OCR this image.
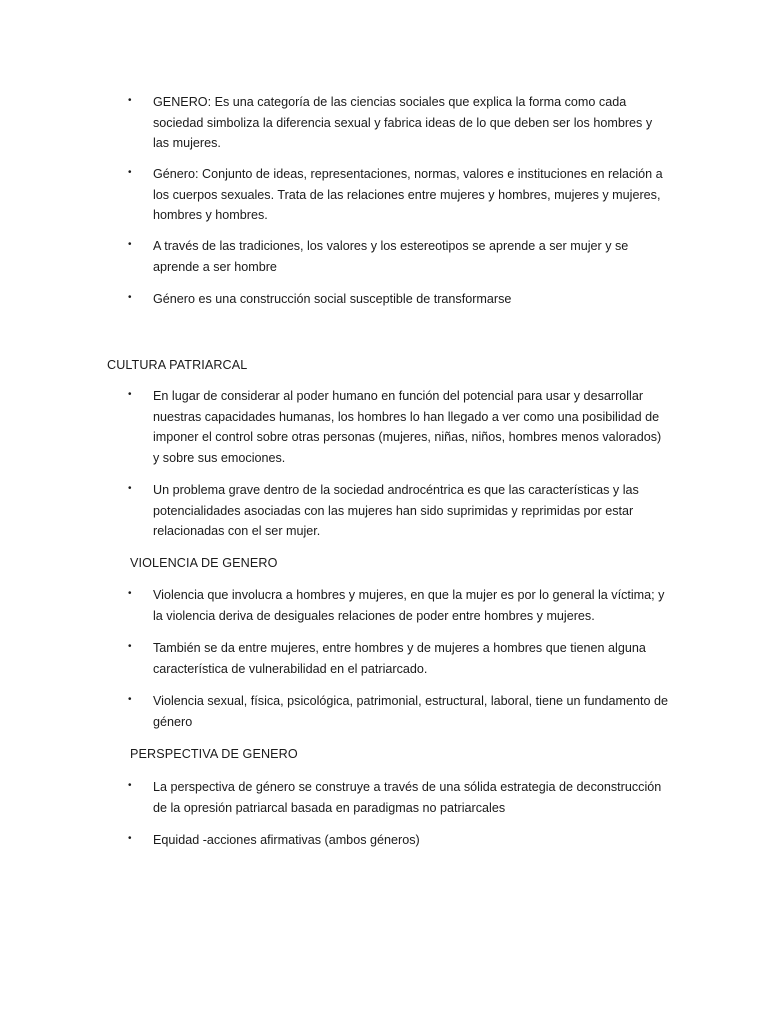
• GENERO: Es una categoría de las ciencias sociales que explica la forma como cada sociedad simboliza la diferencia sexual y fabrica ideas de lo que deben ser los hombres y las mujeres.
• Género: Conjunto de ideas, representaciones, normas, valores e instituciones en relación a los cuerpos sexuales. Trata de las relaciones entre mujeres y hombres, mujeres y mujeres, hombres y hombres.
• A través de las tradiciones, los valores y los estereotipos se aprende a ser mujer y se aprende a ser hombre
• Género es una construcción social susceptible de transformarse
CULTURA PATRIARCAL
• En lugar de considerar al poder humano en función del potencial para usar y desarrollar nuestras capacidades humanas, los hombres lo han llegado a ver como una posibilidad de imponer el control sobre otras personas (mujeres, niñas, niños, hombres menos valorados) y sobre sus emociones.
• Un problema grave dentro de la sociedad androcéntrica es que las características y las potencialidades asociadas con las mujeres han sido suprimidas y reprimidas por estar relacionadas con el ser mujer.
VIOLENCIA DE GENERO
• Violencia que involucra a hombres y mujeres, en que la mujer es por lo general la víctima; y la violencia deriva de desiguales relaciones de poder entre hombres y mujeres.
• También se da entre mujeres, entre hombres y de mujeres a hombres que tienen alguna característica de vulnerabilidad en el patriarcado.
• Violencia sexual, física, psicológica, patrimonial, estructural, laboral, tiene un fundamento de género
PERSPECTIVA DE GENERO
• La perspectiva de género se construye a través de una sólida estrategia de deconstrucción de la opresión patriarcal basada en paradigmas no patriarcales
• Equidad -acciones afirmativas (ambos géneros)
